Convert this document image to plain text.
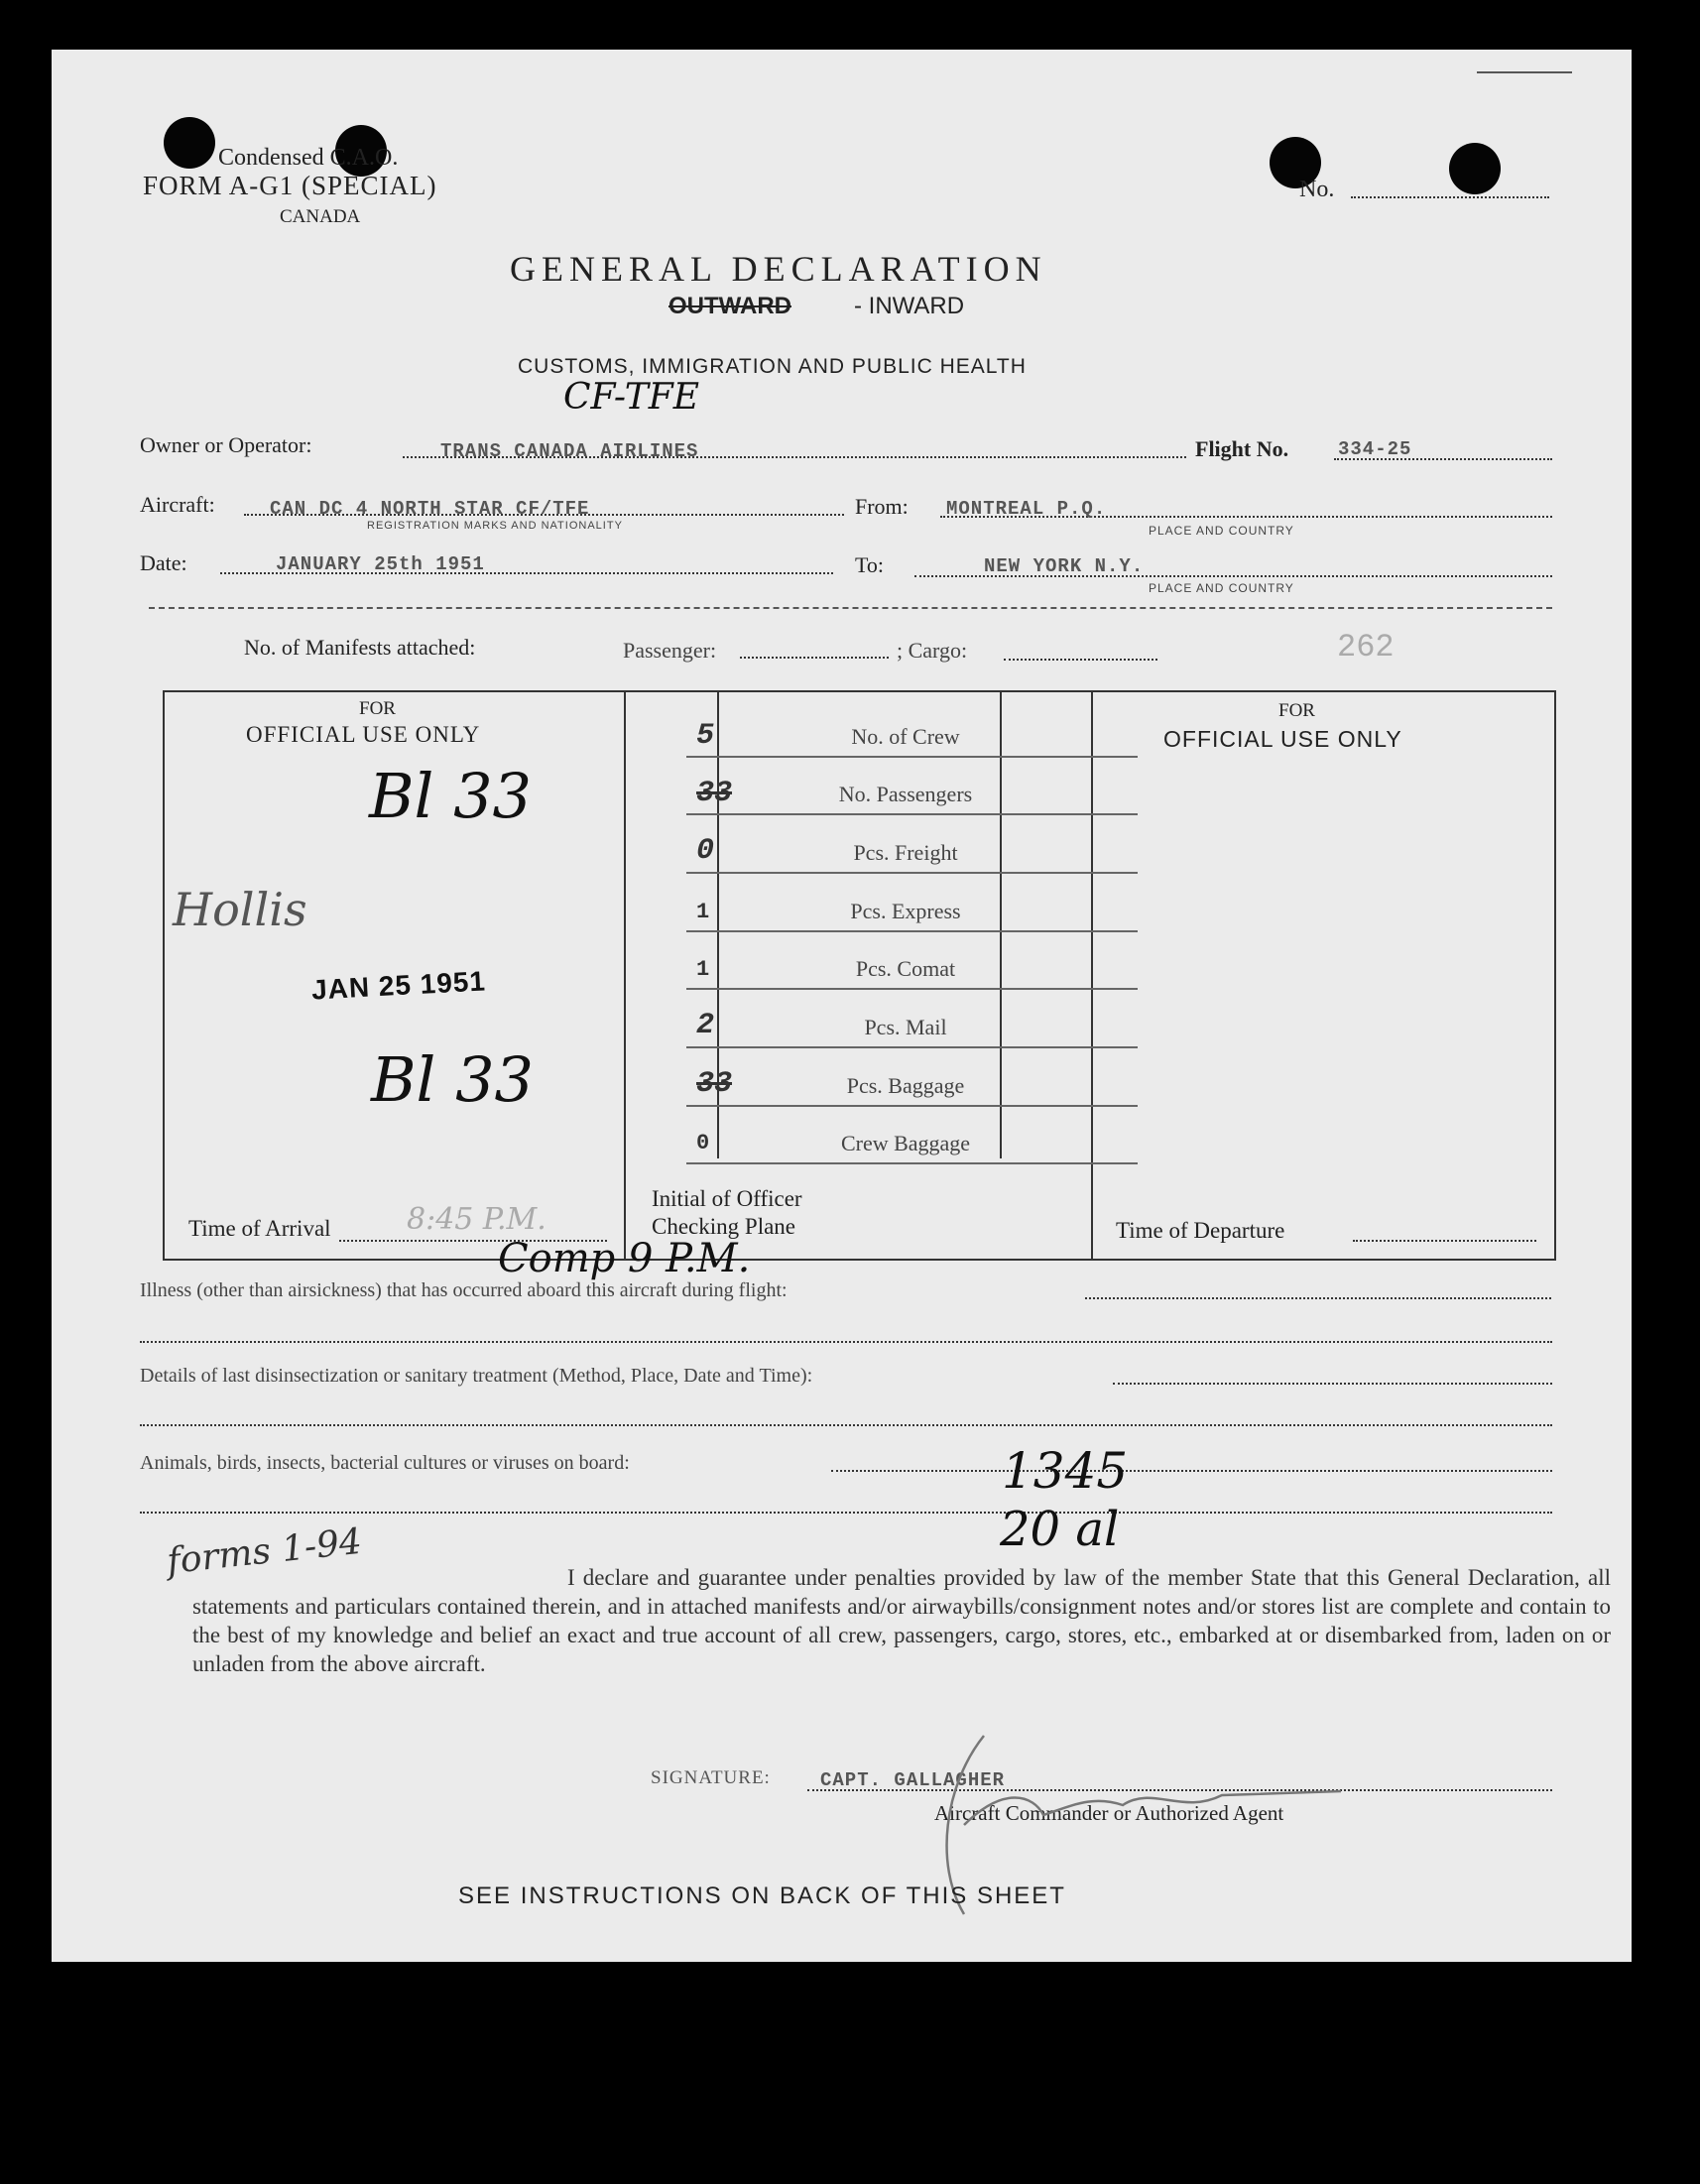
Condensed C.A.O.
FORM A-G1 (SPECIAL)
CANADA
No.
GENERAL DECLARATION
OUTWARD	- INWARD
CUSTOMS, IMMIGRATION AND PUBLIC HEALTH
CF-TFE
Owner or Operator:	TRANS CANADA AIRLINES	Flight No.	334-25
Aircraft:	CAN DC 4 NORTH STAR CF/TFE
REGISTRATION MARKS AND NATIONALITY
From: MONTREAL P.Q.
PLACE AND COUNTRY
Date:	JANUARY 25th 1951	To:	NEW YORK N.Y.
PLACE AND COUNTRY
No. of Manifests attached:	Passenger:	; Cargo:	262
FOR
OFFICIAL USE ONLY
FOR
OFFICIAL USE ONLY
5	No. of Crew
33	No. Passengers
0	Pcs. Freight
1	Pcs. Express
1	Pcs. Comat
2	Pcs. Mail
33	Pcs. Baggage
0	Crew Baggage
Initial of Officer
Checking Plane
Time of Arrival	8:45 P.M.	Time of Departure
Bl 33
Bl 33
Hollis
JAN 25 1951
Illness (other than airsickness) that has occurred aboard this aircraft during flight:
Comp 9 P.M.
Details of last disinsectization or sanitary treatment (Method, Place, Date and Time):
Animals, birds, insects, bacterial cultures or viruses on board:	1345
20 al
forms 1-94	I declare and guarantee under penalties provided by law of the member State that this General Declaration, all statements and particulars contained therein, and in attached manifests and/or airwaybills/consignment notes and/or stores list are complete and contain to the best of my knowledge and belief an exact and true account of all crew, passengers, cargo, stores, etc., embarked at or disembarked from, laden on or unladen from the above aircraft.
SIGNATURE:	CAPT. GALLAGHER
Aircraft Commander or Authorized Agent
SEE INSTRUCTIONS ON BACK OF THIS SHEET
